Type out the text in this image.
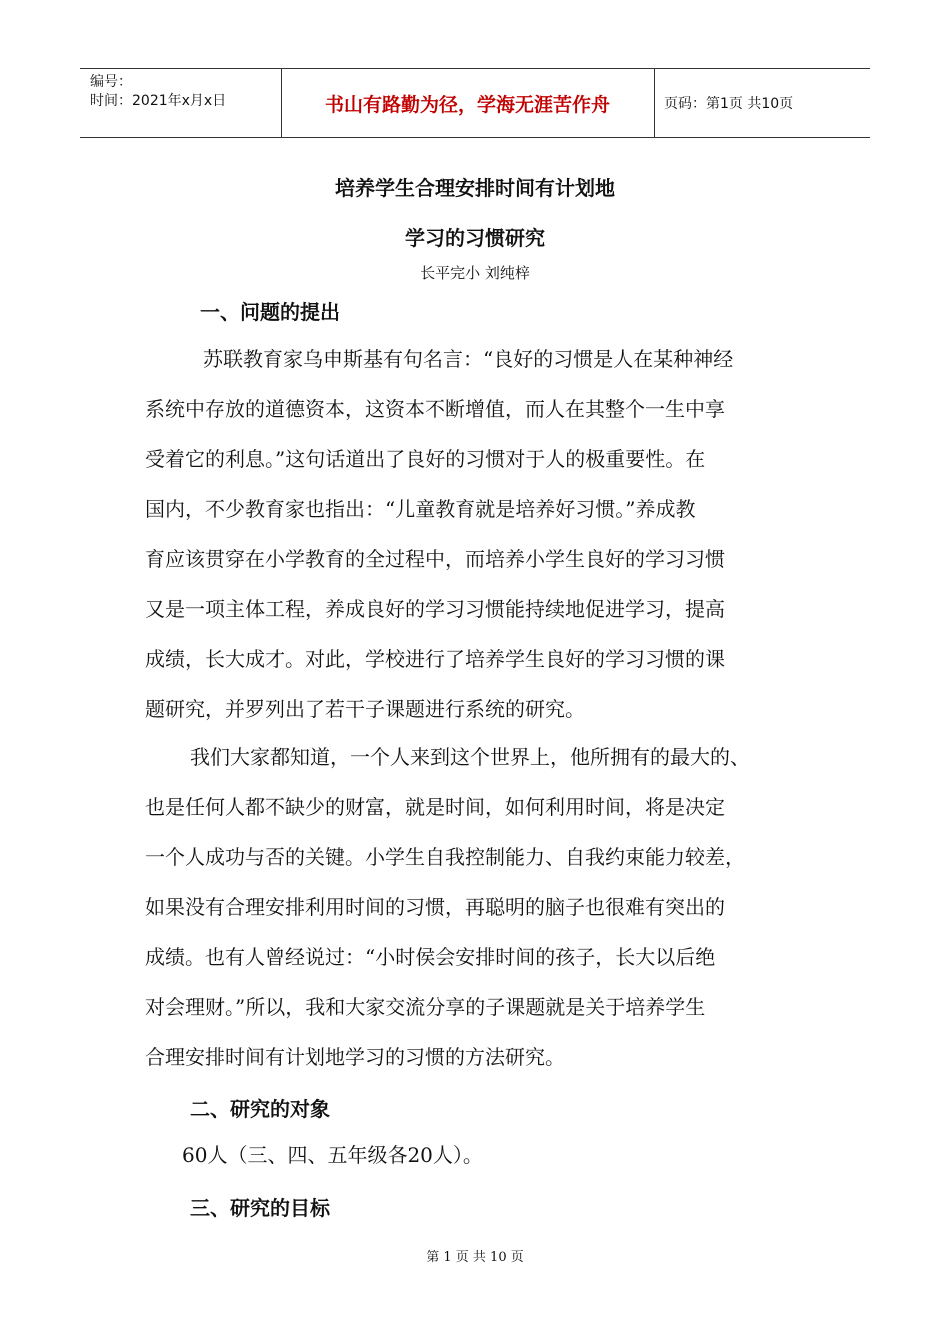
编号：
时间：2021年x月x日	书山有路勤为径，学海无涯苦作舟	页码：第1页 共10页
培养学生合理安排时间有计划地
学习的习惯研究
长平完小 刘纯梓
一、问题的提出
苏联教育家乌申斯基有句名言：“良好的习惯是人在某种神经
系统中存放的道德资本，这资本不断增值，而人在其整个一生中享
受着它的利息。”这句话道出了良好的习惯对于人的极重要性。在
国内，不少教育家也指出：“儿童教育就是培养好习惯。”养成教
育应该贯穿在小学教育的全过程中，而培养小学生良好的学习习惯
又是一项主体工程，养成良好的学习习惯能持续地促进学习，提高
成绩，长大成才。对此，学校进行了培养学生良好的学习习惯的课
题研究，并罗列出了若干子课题进行系统的研究。
我们大家都知道，一个人来到这个世界上，他所拥有的最大的、
也是任何人都不缺少的财富，就是时间，如何利用时间，将是决定
一个人成功与否的关键。小学生自我控制能力、自我约束能力较差，
如果没有合理安排利用时间的习惯，再聪明的脑子也很难有突出的
成绩。也有人曾经说过：“小时侯会安排时间的孩子，长大以后绝
对会理财。”所以，我和大家交流分享的子课题就是关于培养学生
合理安排时间有计划地学习的习惯的方法研究。
二、研究的对象
60人（三、四、五年级各20人）。
三、研究的目标
第 1 页 共 10 页
